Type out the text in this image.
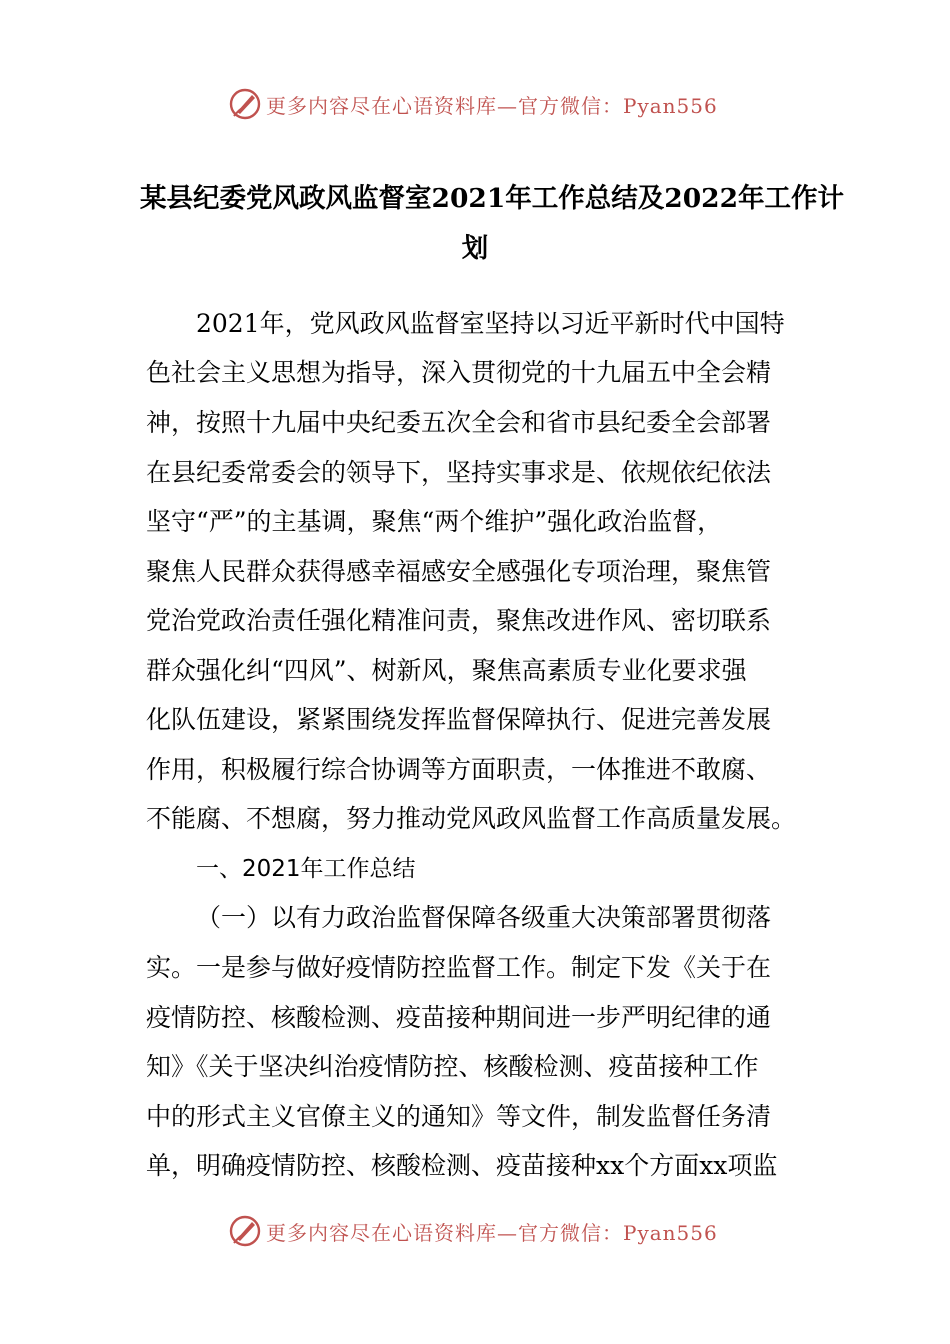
更多内容尽在心语资料库—官方微信：Pyan556
某县纪委党风政风监督室2021年工作总结及2022年工作计
划
2021年，党风政风监督室坚持以习近平新时代中国特
色社会主义思想为指导，深入贯彻党的十九届五中全会精
神，按照十九届中央纪委五次全会和省市县纪委全会部署
在县纪委常委会的领导下，坚持实事求是、依规依纪依法
坚守“严”的主基调，聚焦“两个维护”强化政治监督，
聚焦人民群众获得感幸福感安全感强化专项治理，聚焦管
党治党政治责任强化精准问责，聚焦改进作风、密切联系
群众强化纠“四风”、树新风，聚焦高素质专业化要求强
化队伍建设，紧紧围绕发挥监督保障执行、促进完善发展
作用，积极履行综合协调等方面职责，一体推进不敢腐、
不能腐、不想腐，努力推动党风政风监督工作高质量发展。
一、2021年工作总结
（一）以有力政治监督保障各级重大决策部署贯彻落
实。一是参与做好疫情防控监督工作。制定下发《关于在
疫情防控、核酸检测、疫苗接种期间进一步严明纪律的通
知》《关于坚决纠治疫情防控、核酸检测、疫苗接种工作
中的形式主义官僚主义的通知》等文件，制发监督任务清
单，明确疫情防控、核酸检测、疫苗接种xx个方面xx项监
更多内容尽在心语资料库—官方微信：Pyan556
